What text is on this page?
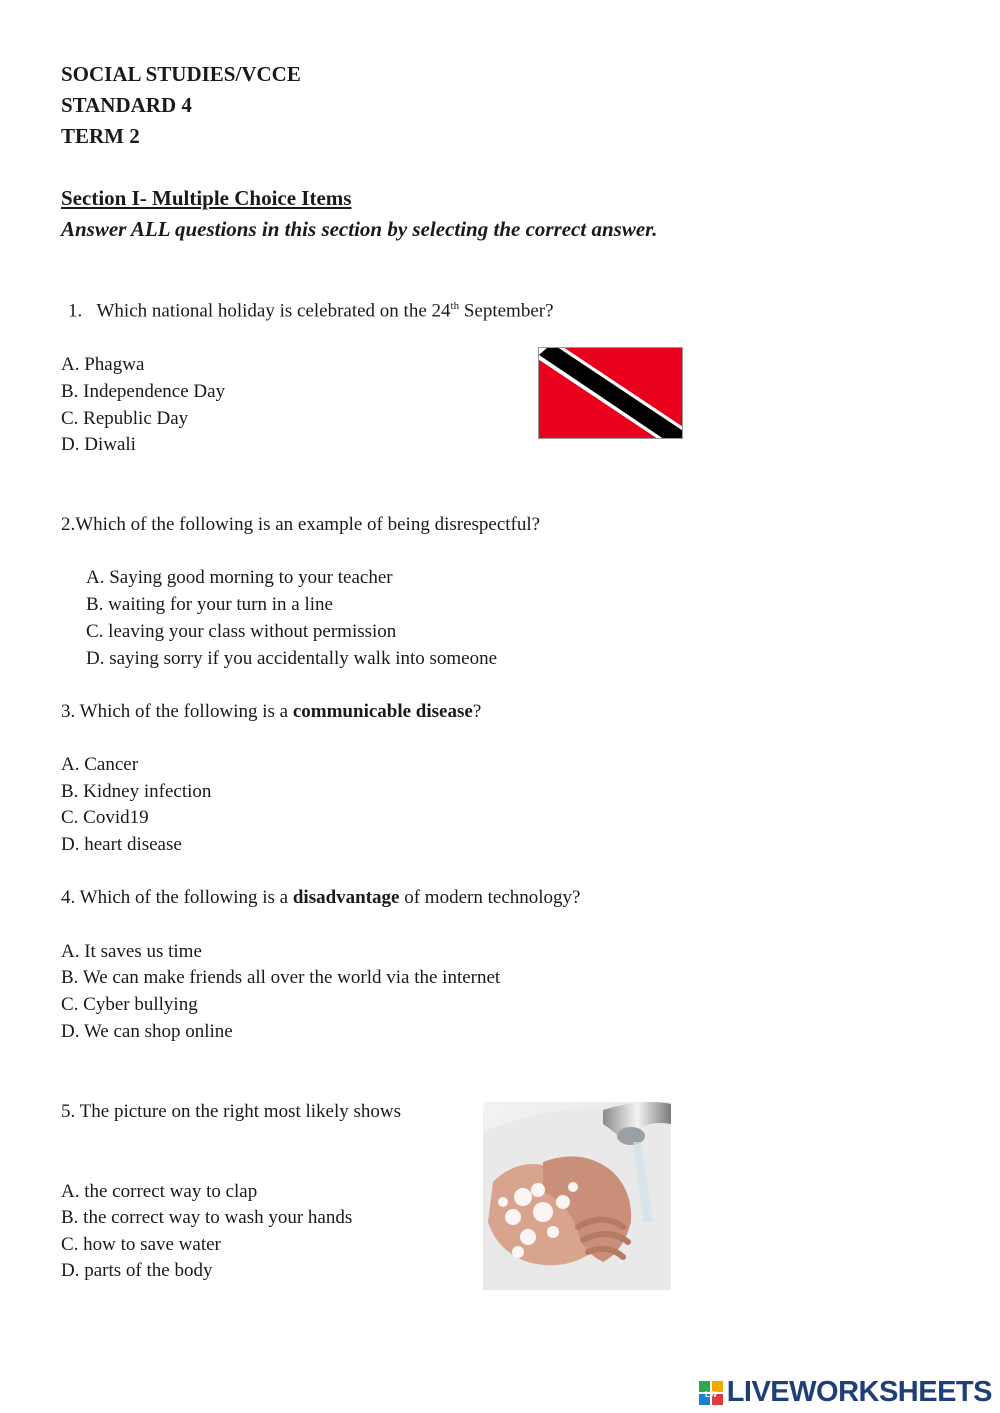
SOCIAL STUDIES/VCCE
STANDARD 4
TERM 2
Section I- Multiple Choice Items
Answer ALL questions in this section by selecting the correct answer.
1. Which national holiday is celebrated on the 24th September?
A. Phagwa
B. Independence Day
C. Republic Day
D. Diwali
2.Which of the following is an example of being disrespectful?
A. Saying good morning to your teacher
B. waiting for your turn in a line
C. leaving your class without permission
D. saying sorry if you accidentally walk into someone
3. Which of the following is a communicable disease?
A. Cancer
B. Kidney infection
C. Covid19
D. heart disease
4. Which of the following is a disadvantage of modern technology?
A. It saves us time
B. We can make friends all over the world via the internet
C. Cyber bullying
D. We can shop online
5. The picture on the right most likely shows
A. the correct way to clap
B. the correct way to wash your hands
C. how to save water
D. parts of the body
LW LIVEWORKSHEETS
